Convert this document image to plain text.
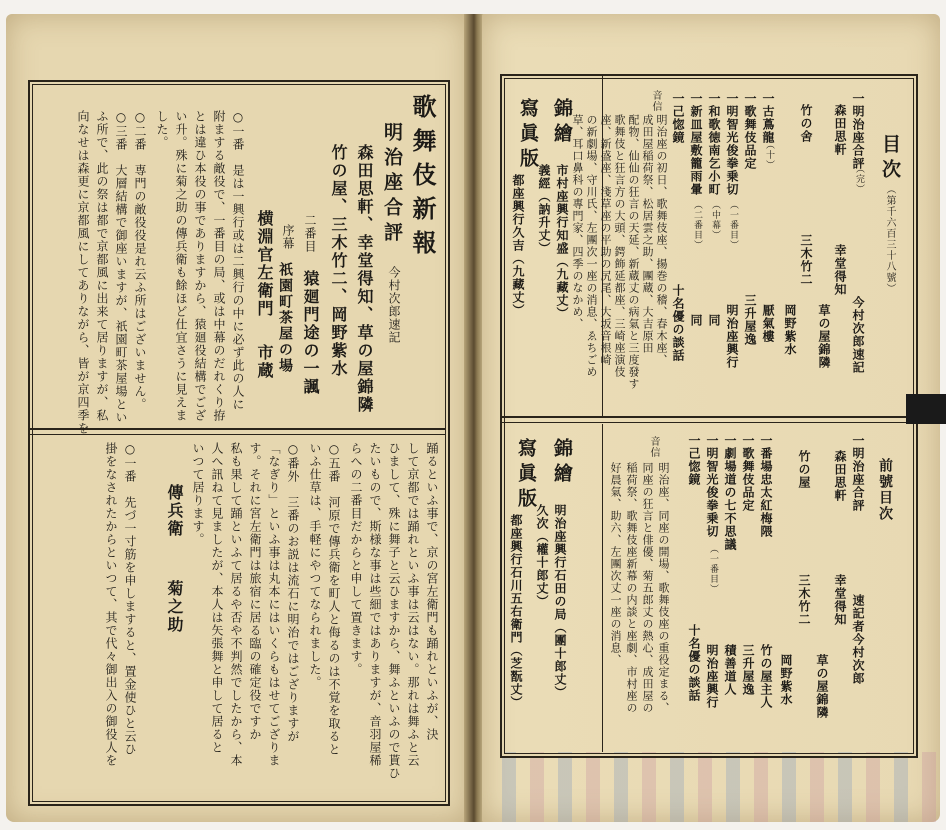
歌舞伎新報
明治座合評
今村次郎速記
森田思軒、幸堂得知、草の屋錦隣
竹の屋、三木竹二、岡野紫水
二番目
猿廻門途の一諷
序幕
祇園町茶屋の場
横淵官左衛門
市蔵
○一番　是は一興行或は二興行の中に必ず此の人に
附まする敵役で、一番目の局、或は中幕のだれくり拵
とは違ひ本役の事でありますから、猿廻役結構でござ
い升。殊に菊之助の傳兵衛も餘ほど仕宜さうに見えま
した。
○二番　専門の敵役役是れ云ふ所はございません。
○三番　大層結構で御座いますが、祇園町茶屋場とい
ふ所で、此の祭は都で京都風に出来て居りますが、私
向なせは森更に京都風にしてありながら、皆が京四季を
踊るといふ事で、京の宮左衛門も踊れといふが、決
して京都では踊れといふ事は云はない。那れは舞ふと云
ひまして、殊に舞子と云ひますから、舞ふといふので貰ひ
たいもので、斯様な事は些細ではありますが、音羽屋稀
らへの二番目だからと申して置きます。
○五番　河原で傳兵衛を町人と侮るのは不覚を取ると
いふ仕草は、手軽にやつてなられました。
○番外　三番のお説は流石に明治ではござりますが
「なぎり」といふ事は丸本にはいくらもはせてござりま
す。それに宮左衛門は旅宿に居る臨の確定役ですか
私も果して踊といふて居るや否や不判然でしたから、本
人へ訊ねて見ましたが、本人は矢張舞と申して居ると
いつて居ります。
傳兵衛
菊之助
○一番　先づ一寸筋を申しますると、置金使ひと云ひ
掛をなされたからといつて、其で代々御出入の御役人を
目次
（第千六百三十八號）
一明治座合評
（完）
今村次郎速記
森田思軒
幸堂得知
草の屋錦隣
竹の舍
三木竹二
岡野紫水
一古蔦龍
（十）
厭氣樓
一歌舞伎品定
三升屋逸
一明智光俊拳乗切
（一番目）
明治座興行
一和歌徳南乞小町
（中幕）
同
一新皿屋敷籠雨暈
（二番目）
同
一己惚鏡
十名優の談話
音信
明治座の初日、歌舞伎座、揚巻の稽、春木座、
成田屋稲荷祭、松居雲之助、團蔵、大吉原田
配物、仙仙の狂言の天延、新蔵丈の病氣と三度發す
歌舞伎と狂言方の大頭、鍔飾延都座、三崎座演伎
座、新盛座、淺草座の平助の尻尾、大坂音根崎
の新劇場、守川氏、左團次一座の消息、ゑちごめ
草、耳口鼻科の專門家、四季のなかめ、
錦繪
市村座興行知盛（九藏丈）
義經（訥升丈）
寫眞版
都座興行久吉（九藏丈）
前號目次
一明治座合評
速記者今村次郎
森田思軒
幸堂得知
草の屋錦隣
竹の屋
三木竹二
岡野紫水
一番場忠太紅梅隈
竹の屋主人
一歌舞伎品定
三升屋逸
一劇場道の七不思議
積善道人
一明智光俊拳乗切
（一番目）
明治座興行
一己惚鏡
十名優の談話
音信
明治座、同座の開場、歌舞伎座の重役定まる、
同座の狂言と俳優、菊五郎丈の熱心、成田屋の
稲荷祭、歌舞伎座新幕の内談と座劇、市村座の
好晨氣、助六、左團次丈一座の消息、
錦繪
明治座興行石田の局（團十郎丈）
久次（權十郎丈）
寫眞版
都座興行石川五右衛門（芝翫丈）
